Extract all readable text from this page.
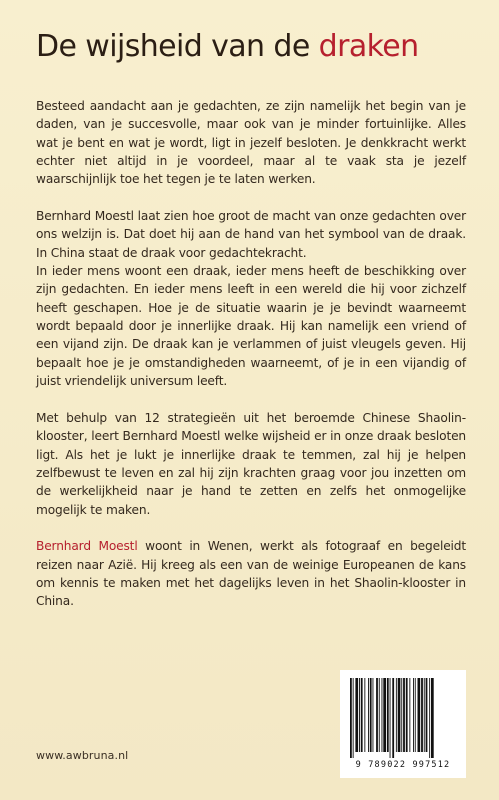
De wijsheid van de draken

Besteed aandacht aan je gedachten, ze zijn namelijk het begin van je daden, van je succesvolle, maar ook van je minder fortuinlijke. Alles wat je bent en wat je wordt, ligt in jezelf besloten. Je denkkracht werkt echter niet altijd in je voordeel, maar al te vaak sta je jezelf waarschijnlijk toe het tegen je te laten werken.

Bernhard Moestl laat zien hoe groot de macht van onze gedachten over ons welzijn is. Dat doet hij aan de hand van het symbool van de draak. In China staat de draak voor gedachtekracht.

In ieder mens woont een draak, ieder mens heeft de beschikking over zijn gedachten. En ieder mens leeft in een wereld die hij voor zichzelf heeft geschapen. Hoe je de situatie waarin je je bevindt waarneemt wordt bepaald door je innerlijke draak. Hij kan namelijk een vriend of een vijand zijn. De draak kan je verlammen of juist vleugels geven. Hij bepaalt hoe je je omstandigheden waarneemt, of je in een vijandig of juist vriendelijk universum leeft.

Met behulp van 12 strategieën uit het beroemde Chinese Shaolin-klooster, leert Bernhard Moestl welke wijsheid er in onze draak besloten ligt. Als het je lukt je innerlijke draak te temmen, zal hij je helpen zelfbewust te leven en zal hij zijn krachten graag voor jou inzetten om de werkelijkheid naar je hand te zetten en zelfs het onmogelijke mogelijk te maken.

Bernhard Moestl woont in Wenen, werkt als fotograaf en begeleidt reizen naar Azië. Hij kreeg als een van de weinige Europeanen de kans om kennis te maken met het dagelijks leven in het Shaolin-klooster in China.

www.awbruna.nl
9 789022 997512
